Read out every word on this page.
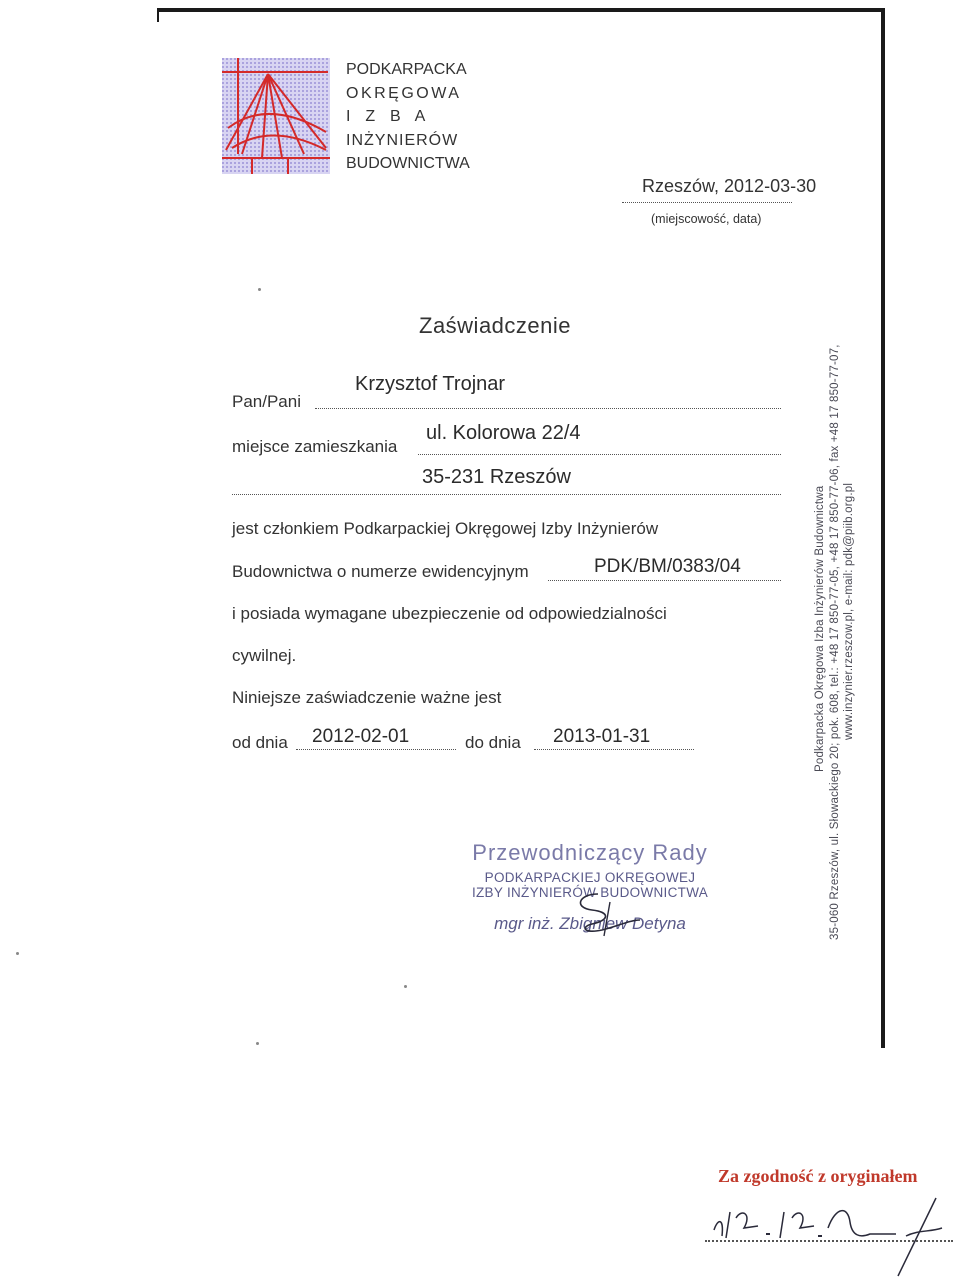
PODKARPACKA
OKRĘGOWA
I  Z  B  A
INŻYNIERÓW
BUDOWNICTWA
Rzeszów, 2012-03-30
(miejscowość, data)
Zaświadczenie
Pan/Pani
Krzysztof Trojnar
miejsce zamieszkania
ul. Kolorowa 22/4
35-231 Rzeszów
jest członkiem Podkarpackiej Okręgowej Izby Inżynierów
Budownictwa o numerze ewidencyjnym	PDK/BM/0383/04
i posiada wymagane ubezpieczenie od odpowiedzialności
cywilnej.
Niniejsze zaświadczenie ważne jest
od dnia 2012-02-01	do dnia 2013-01-31
Przewodniczący Rady
PODKARPACKIEJ OKRĘGOWEJ
IZBY INŻYNIERÓW BUDOWNICTWA
mgr inż. Zbigniew Detyna
Podkarpacka Okręgowa Izba Inżynierów Budownictwa 35-060 Rzeszów, ul. Słowackiego 20; pok. 608, tel.: +48 17 850-77-05, +48 17 850-77-06, fax +48 17 850-77-07, www.inzynier.rzeszow.pl, e-mail: pdk@piib.org.pl
Za zgodność z oryginałem
